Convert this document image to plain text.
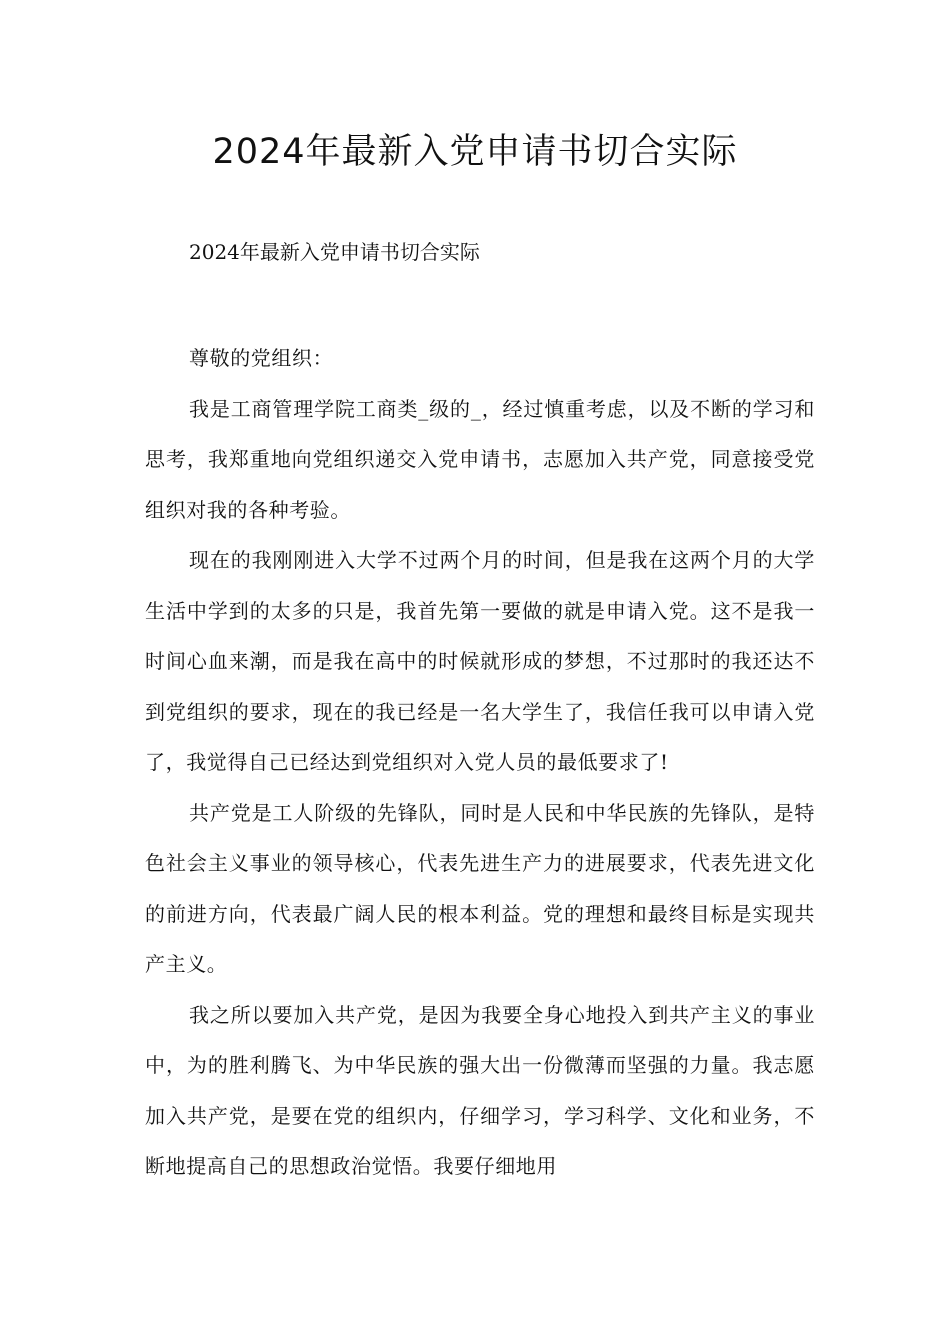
2024年最新入党申请书切合实际

2024年最新入党申请书切合实际

尊敬的党组织：

我是工商管理学院工商类_级的_，经过慎重考虑，以及不断的学习和思考，我郑重地向党组织递交入党申请书，志愿加入共产党，同意接受党组织对我的各种考验。

现在的我刚刚进入大学不过两个月的时间，但是我在这两个月的大学生活中学到的太多的只是，我首先第一要做的就是申请入党。这不是我一时间心血来潮，而是我在高中的时候就形成的梦想，不过那时的我还达不到党组织的要求，现在的我已经是一名大学生了，我信任我可以申请入党了，我觉得自己已经达到党组织对入党人员的最低要求了!

共产党是工人阶级的先锋队，同时是人民和中华民族的先锋队，是特色社会主义事业的领导核心，代表先进生产力的进展要求，代表先进文化的前进方向，代表最广阔人民的根本利益。党的理想和最终目标是实现共产主义。

我之所以要加入共产党，是因为我要全身心地投入到共产主义的事业中，为的胜利腾飞、为中华民族的强大出一份微薄而坚强的力量。我志愿加入共产党，是要在党的组织内，仔细学习，学习科学、文化和业务，不断地提高自己的思想政治觉悟。我要仔细地用
